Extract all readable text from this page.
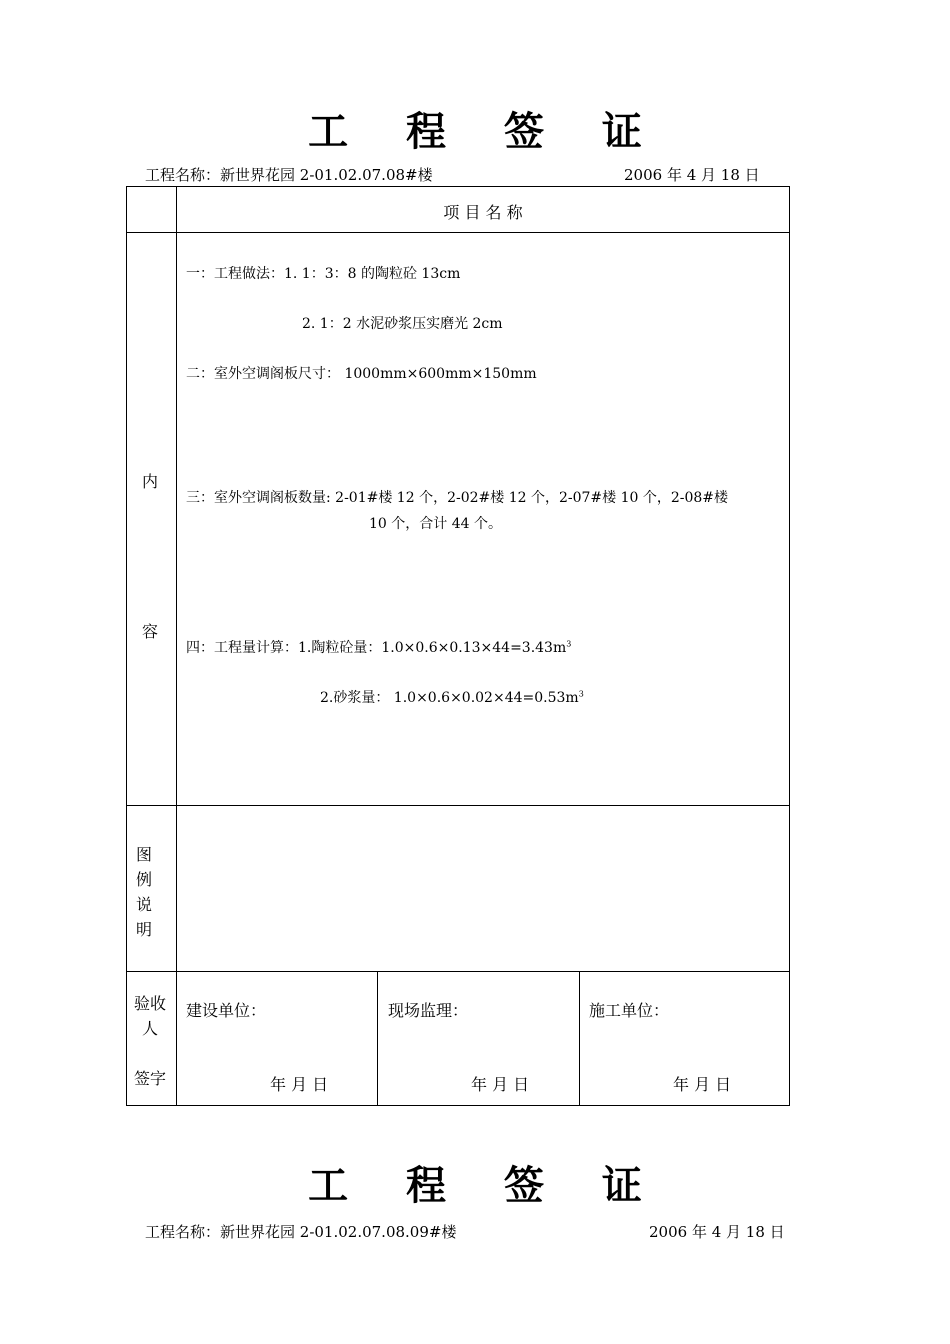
工 程 签 证
工程名称：新世界花园 2-01.02.07.08#楼	2006 年 4 月 18 日
项 目 名 称
内
容
一：工程做法：1. 1：3：8 的陶粒砼 13cm
2. 1：2 水泥砂浆压实磨光 2cm
二：室外空调阁板尺寸： 1000mm×600mm×150mm
三：室外空调阁板数量: 2-01#楼 12 个，2-02#楼 12 个，2-07#楼 10 个，2-08#楼
10 个，合计 44 个。
四：工程量计算：1.陶粒砼量：$1.0\times 0.6\times 0.13\times 44=3.43m^3$
2.砂浆量： $1.0\times 0.6\times 0.02\times 44=0.53m^3$
图
例
说
明
验收
人
签字
建设单位：	现场监理：	施工单位：
年 月 日	年 月 日	年 月 日
工 程 签 证
工程名称：新世界花园 2-01.02.07.08.09#楼	2006 年 4 月 18 日
